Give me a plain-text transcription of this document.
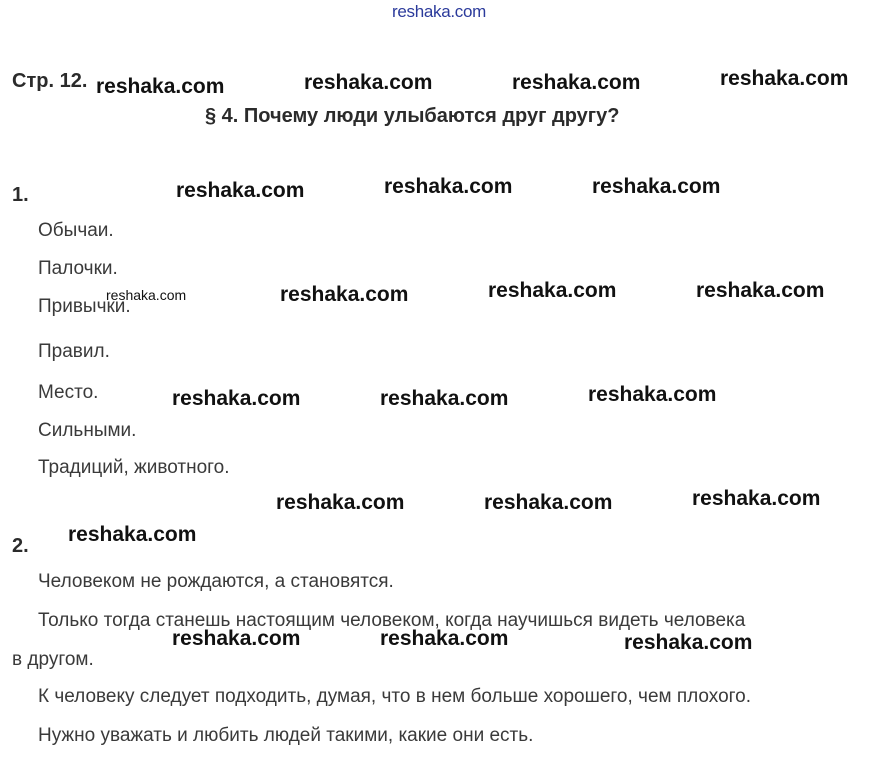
reshaka.com
Стр. 12.
§ 4. Почему люди улыбаются друг другу?
1.
Обычаи.
Палочки.
Привычки.
Правил.
Место.
Сильными.
Традиций, животного.
2.
Человеком не рождаются, а становятся.
Только тогда станешь настоящим человеком, когда научишься видеть человека
в другом.
К человеку следует подходить, думая, что в нем больше хорошего, чем плохого.
Нужно уважать и любить людей такими, какие они есть.
reshaka.com	reshaka.com	reshaka.com	reshaka.com
reshaka.com	reshaka.com	reshaka.com
reshaka.com	reshaka.com	reshaka.com	reshaka.com
reshaka.com	reshaka.com	reshaka.com
reshaka.com	reshaka.com	reshaka.com
reshaka.com
reshaka.com	reshaka.com	reshaka.com
